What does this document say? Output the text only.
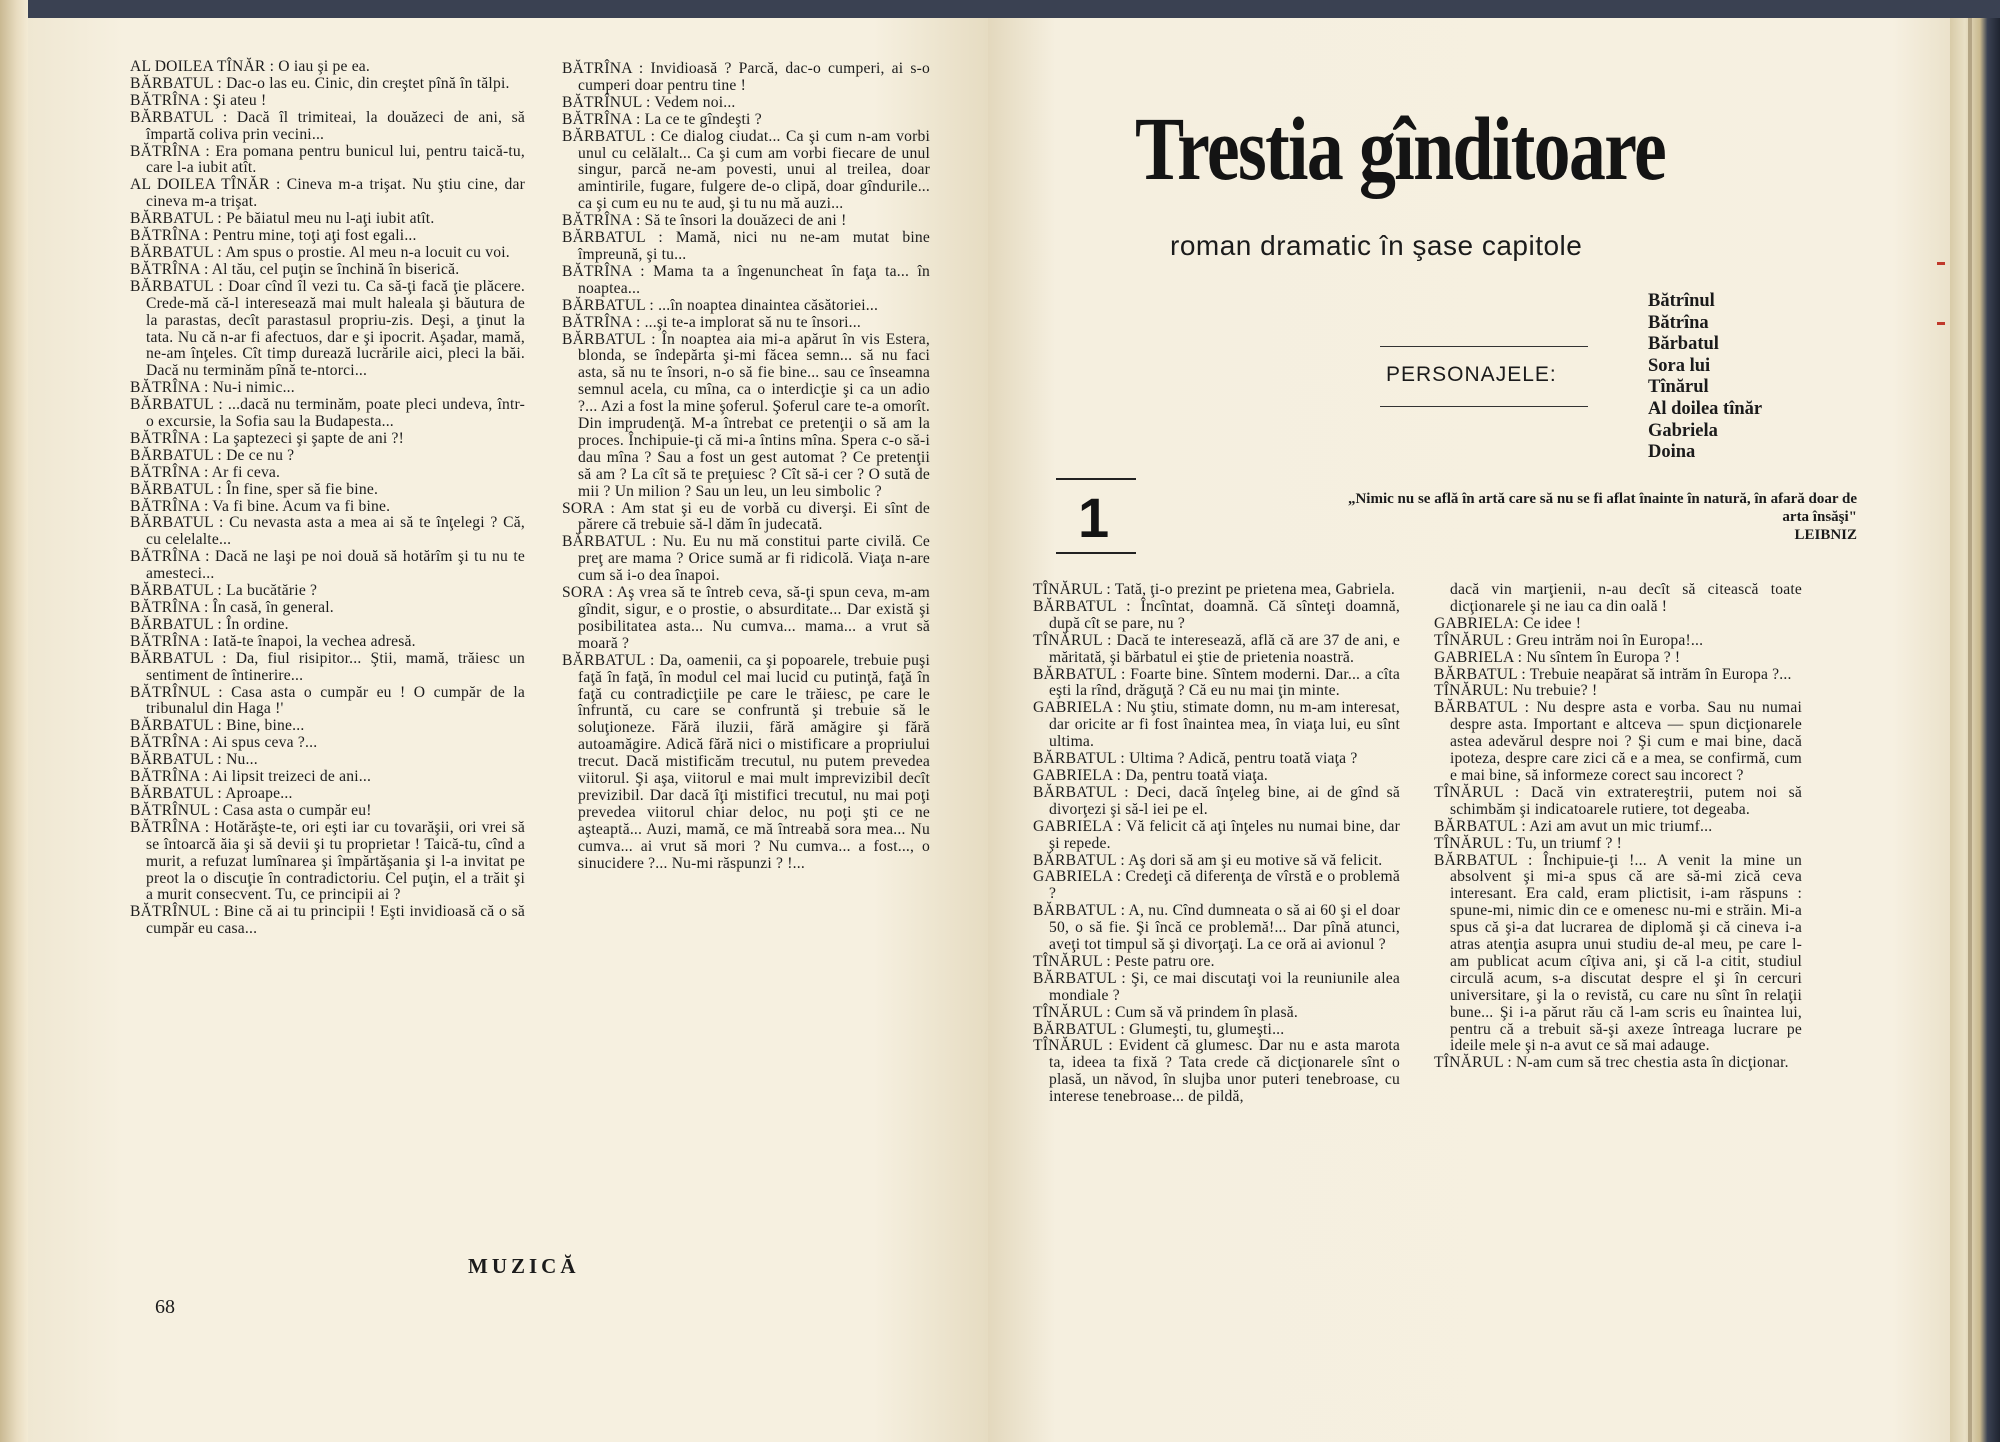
AL DOILEA TÎNĂR : O iau şi pe ea.

BĂRBATUL : Dac-o las eu. Cinic, din creştet pînă în tălpi.

BĂTRÎNA : Şi ateu !

BĂRBATUL : Dacă îl trimiteai, la douăzeci de ani, să împartă coliva prin vecini...

BĂTRÎNA : Era pomana pentru bunicul lui, pentru taică-tu, care l-a iubit atît.

AL DOILEA TÎNĂR : Cineva m-a trişat. Nu ştiu cine, dar cineva m-a trişat.

BĂRBATUL : Pe băiatul meu nu l-aţi iubit atît.

BĂTRÎNA : Pentru mine, toţi aţi fost egali...

BĂRBATUL : Am spus o prostie. Al meu n-a locuit cu voi.

BĂTRÎNA : Al tău, cel puţin se închină în biserică.

BĂRBATUL : Doar cînd îl vezi tu. Ca să-ţi facă ţie plăcere. Crede-mă că-l interesează mai mult haleala şi băutura de la parastas, decît parastasul propriu-zis. Deşi, a ţinut la tata. Nu că n-ar fi afectuos, dar e şi ipocrit. Aşadar, mamă, ne-am înţeles. Cît timp durează lucrările aici, pleci la băi. Dacă nu terminăm pînă te-ntorci...

BĂTRÎNA : Nu-i nimic...

BĂRBATUL : ...dacă nu terminăm, poate pleci undeva, într-o excursie, la Sofia sau la Budapesta...

BĂTRÎNA : La şaptezeci şi şapte de ani ?!

BĂRBATUL : De ce nu ?

BĂTRÎNA : Ar fi ceva.

BĂRBATUL : În fine, sper să fie bine.

BĂTRÎNA : Va fi bine. Acum va fi bine.

BĂRBATUL : Cu nevasta asta a mea ai să te înţelegi ? Că, cu celelalte...

BĂTRÎNA : Dacă ne laşi pe noi două să hotărîm şi tu nu te amesteci...

BĂRBATUL : La bucătărie ?

BĂTRÎNA : În casă, în general.

BĂRBATUL : În ordine.

BĂTRÎNA : Iată-te înapoi, la vechea adresă.

BĂRBATUL : Da, fiul risipitor... Ştii, mamă, trăiesc un sentiment de întinerire...

BĂTRÎNUL : Casa asta o cumpăr eu ! O cumpăr de la tribunalul din Haga !'

BĂRBATUL : Bine, bine...

BĂTRÎNA : Ai spus ceva ?...

BĂRBATUL : Nu...

BĂTRÎNA : Ai lipsit treizeci de ani...

BĂRBATUL : Aproape...

BĂTRÎNUL : Casa asta o cumpăr eu!

BĂTRÎNA : Hotărăşte-te, ori eşti iar cu tovarăşii, ori vrei să se întoarcă ăia şi să devii şi tu proprietar ! Taică-tu, cînd a murit, a refuzat lumînarea şi împărtăşania şi l-a invitat pe preot la o discuţie în contradictoriu. Cel puţin, el a trăit şi a murit consecvent. Tu, ce principii ai ?

BĂTRÎNUL : Bine că ai tu principii ! Eşti invidioasă că o să cumpăr eu casa...

BĂTRÎNA : Invidioasă ? Parcă, dac-o cumperi, ai s-o cumperi doar pentru tine !

BĂTRÎNUL : Vedem noi...

BĂTRÎNA : La ce te gîndeşti ?

BĂRBATUL : Ce dialog ciudat... Ca şi cum n-am vorbi unul cu celălalt... Ca şi cum am vorbi fiecare de unul singur, parcă ne-am povesti, unui al treilea, doar amintirile, fugare, fulgere de-o clipă, doar gîndurile... ca şi cum eu nu te aud, şi tu nu mă auzi...

BĂTRÎNA : Să te însori la douăzeci de ani !

BĂRBATUL : Mamă, nici nu ne-am mutat bine împreună, şi tu...

BĂTRÎNA : Mama ta a îngenuncheat în faţa ta... în noaptea...

BĂRBATUL : ...în noaptea dinaintea căsătoriei...

BĂTRÎNA : ...şi te-a implorat să nu te însori...

BĂRBATUL : În noaptea aia mi-a apărut în vis Estera, blonda, se îndepărta şi-mi făcea semn... să nu faci asta, să nu te însori, n-o să fie bine... sau ce înseamna semnul acela, cu mîna, ca o interdicţie şi ca un adio ?... Azi a fost la mine şoferul. Şoferul care te-a omorît. Din imprudenţă. M-a întrebat ce pretenţii o să am la proces. Închipuie-ţi că mi-a întins mîna. Spera c-o să-i dau mîna ? Sau a fost un gest automat ? Ce pretenţii să am ? La cît să te preţuiesc ? Cît să-i cer ? O sută de mii ? Un milion ? Sau un leu, un leu simbolic ?

SORA : Am stat şi eu de vorbă cu diverşi. Ei sînt de părere că trebuie să-l dăm în judecată.

BĂRBATUL : Nu. Eu nu mă constitui parte civilă. Ce preţ are mama ? Orice sumă ar fi ridicolă. Viaţa n-are cum să i-o dea înapoi.

SORA : Aş vrea să te întreb ceva, să-ţi spun ceva, m-am gîndit, sigur, e o prostie, o absurditate... Dar există şi posibilitatea asta... Nu cumva... mama... a vrut să moară ?

BĂRBATUL : Da, oamenii, ca şi popoarele, trebuie puşi faţă în faţă, în modul cel mai lucid cu putinţă, faţă în faţă cu contradicţiile pe care le trăiesc, pe care le înfruntă, cu care se confruntă şi trebuie să le soluţioneze. Fără iluzii, fără amăgire şi fără autoamăgire. Adică fără nici o mistificare a propriului trecut. Dacă mistificăm trecutul, nu putem prevedea viitorul. Şi aşa, viitorul e mai mult imprevizibil decît previzibil. Dar dacă îţi mistifici trecutul, nu mai poţi prevedea viitorul chiar deloc, nu poţi şti ce ne aşteaptă... Auzi, mamă, ce mă întreabă sora mea... Nu cumva... ai vrut să mori ? Nu cumva... a fost..., o sinucidere ?... Nu-mi răspunzi ? !...

MUZICĂ
68
Trestia gînditoare
roman dramatic în şase capitole
PERSONAJELE:
Bătrînul
Bătrîna
Bărbatul
Sora lui
Tînărul
Al doilea tînăr
Gabriela
Doina
1	„Nimic nu se află în artă care să nu se fi aflat înainte în natură, în afară doar de arta însăşi"
LEIBNIZ

TÎNĂRUL : Tată, ţi-o prezint pe prietena mea, Gabriela.

BĂRBATUL : Încîntat, doamnă. Că sînteţi doamnă, după cît se pare, nu ?

TÎNĂRUL : Dacă te interesează, află că are 37 de ani, e măritată, şi bărbatul ei ştie de prietenia noastră.

BĂRBATUL : Foarte bine. Sîntem moderni. Dar... a cîta eşti la rînd, drăguţă ? Că eu nu mai ţin minte.

GABRIELA : Nu ştiu, stimate domn, nu m-am interesat, dar oricite ar fi fost înaintea mea, în viaţa lui, eu sînt ultima.

BĂRBATUL : Ultima ? Adică, pentru toată viaţa ?

GABRIELA : Da, pentru toată viaţa.

BĂRBATUL : Deci, dacă înţeleg bine, ai de gînd să divorţezi şi să-l iei pe el.

GABRIELA : Vă felicit că aţi înţeles nu numai bine, dar şi repede.

BĂRBATUL : Aş dori să am şi eu motive să vă felicit.

GABRIELA : Credeţi că diferenţa de vîrstă e o problemă ?

BĂRBATUL : A, nu. Cînd dumneata o să ai 60 şi el doar 50, o să fie. Şi încă ce problemă!... Dar pînă atunci, aveţi tot timpul să şi divorţaţi. La ce oră ai avionul ?

TÎNĂRUL : Peste patru ore.

BĂRBATUL : Şi, ce mai discutaţi voi la reuniunile alea mondiale ?

TÎNĂRUL : Cum să vă prindem în plasă.

BĂRBATUL : Glumeşti, tu, glumeşti...

TÎNĂRUL : Evident că glumesc. Dar nu e asta marota ta, ideea ta fixă ? Tata crede că dicţionarele sînt o plasă, un năvod, în slujba unor puteri tenebroase, cu interese tenebroase... de pildă,

dacă vin marţienii, n-au decît să citească toate dicţionarele şi ne iau ca din oală !

GABRIELA: Ce idee !

TÎNĂRUL : Greu intrăm noi în Europa!...

GABRIELA : Nu sîntem în Europa ? !

BĂRBATUL : Trebuie neapărat să intrăm în Europa ?...

TÎNĂRUL: Nu trebuie? !

BĂRBATUL : Nu despre asta e vorba. Sau nu numai despre asta. Important e altceva — spun dicţionarele astea adevărul despre noi ? Şi cum e mai bine, dacă ipoteza, despre care zici că e a mea, se confirmă, cum e mai bine, să informeze corect sau incorect ?

TÎNĂRUL : Dacă vin extratereştrii, putem noi să schimbăm şi indicatoarele rutiere, tot degeaba.

BĂRBATUL : Azi am avut un mic triumf...

TÎNĂRUL : Tu, un triumf ? !

BĂRBATUL : Închipuie-ţi !... A venit la mine un absolvent şi mi-a spus că are să-mi zică ceva interesant. Era cald, eram plictisit, i-am răspuns : spune-mi, nimic din ce e omenesc nu-mi e străin. Mi-a spus că şi-a dat lucrarea de diplomă şi că cineva i-a atras atenţia asupra unui studiu de-al meu, pe care l-am publicat acum cîţiva ani, şi că l-a citit, studiul circulă acum, s-a discutat despre el şi în cercuri universitare, şi la o revistă, cu care nu sînt în relaţii bune... Şi i-a părut rău că l-am scris eu înaintea lui, pentru că a trebuit să-şi axeze întreaga lucrare pe ideile mele şi n-a avut ce să mai adauge.

TÎNĂRUL : N-am cum să trec chestia asta în dicţionar.
